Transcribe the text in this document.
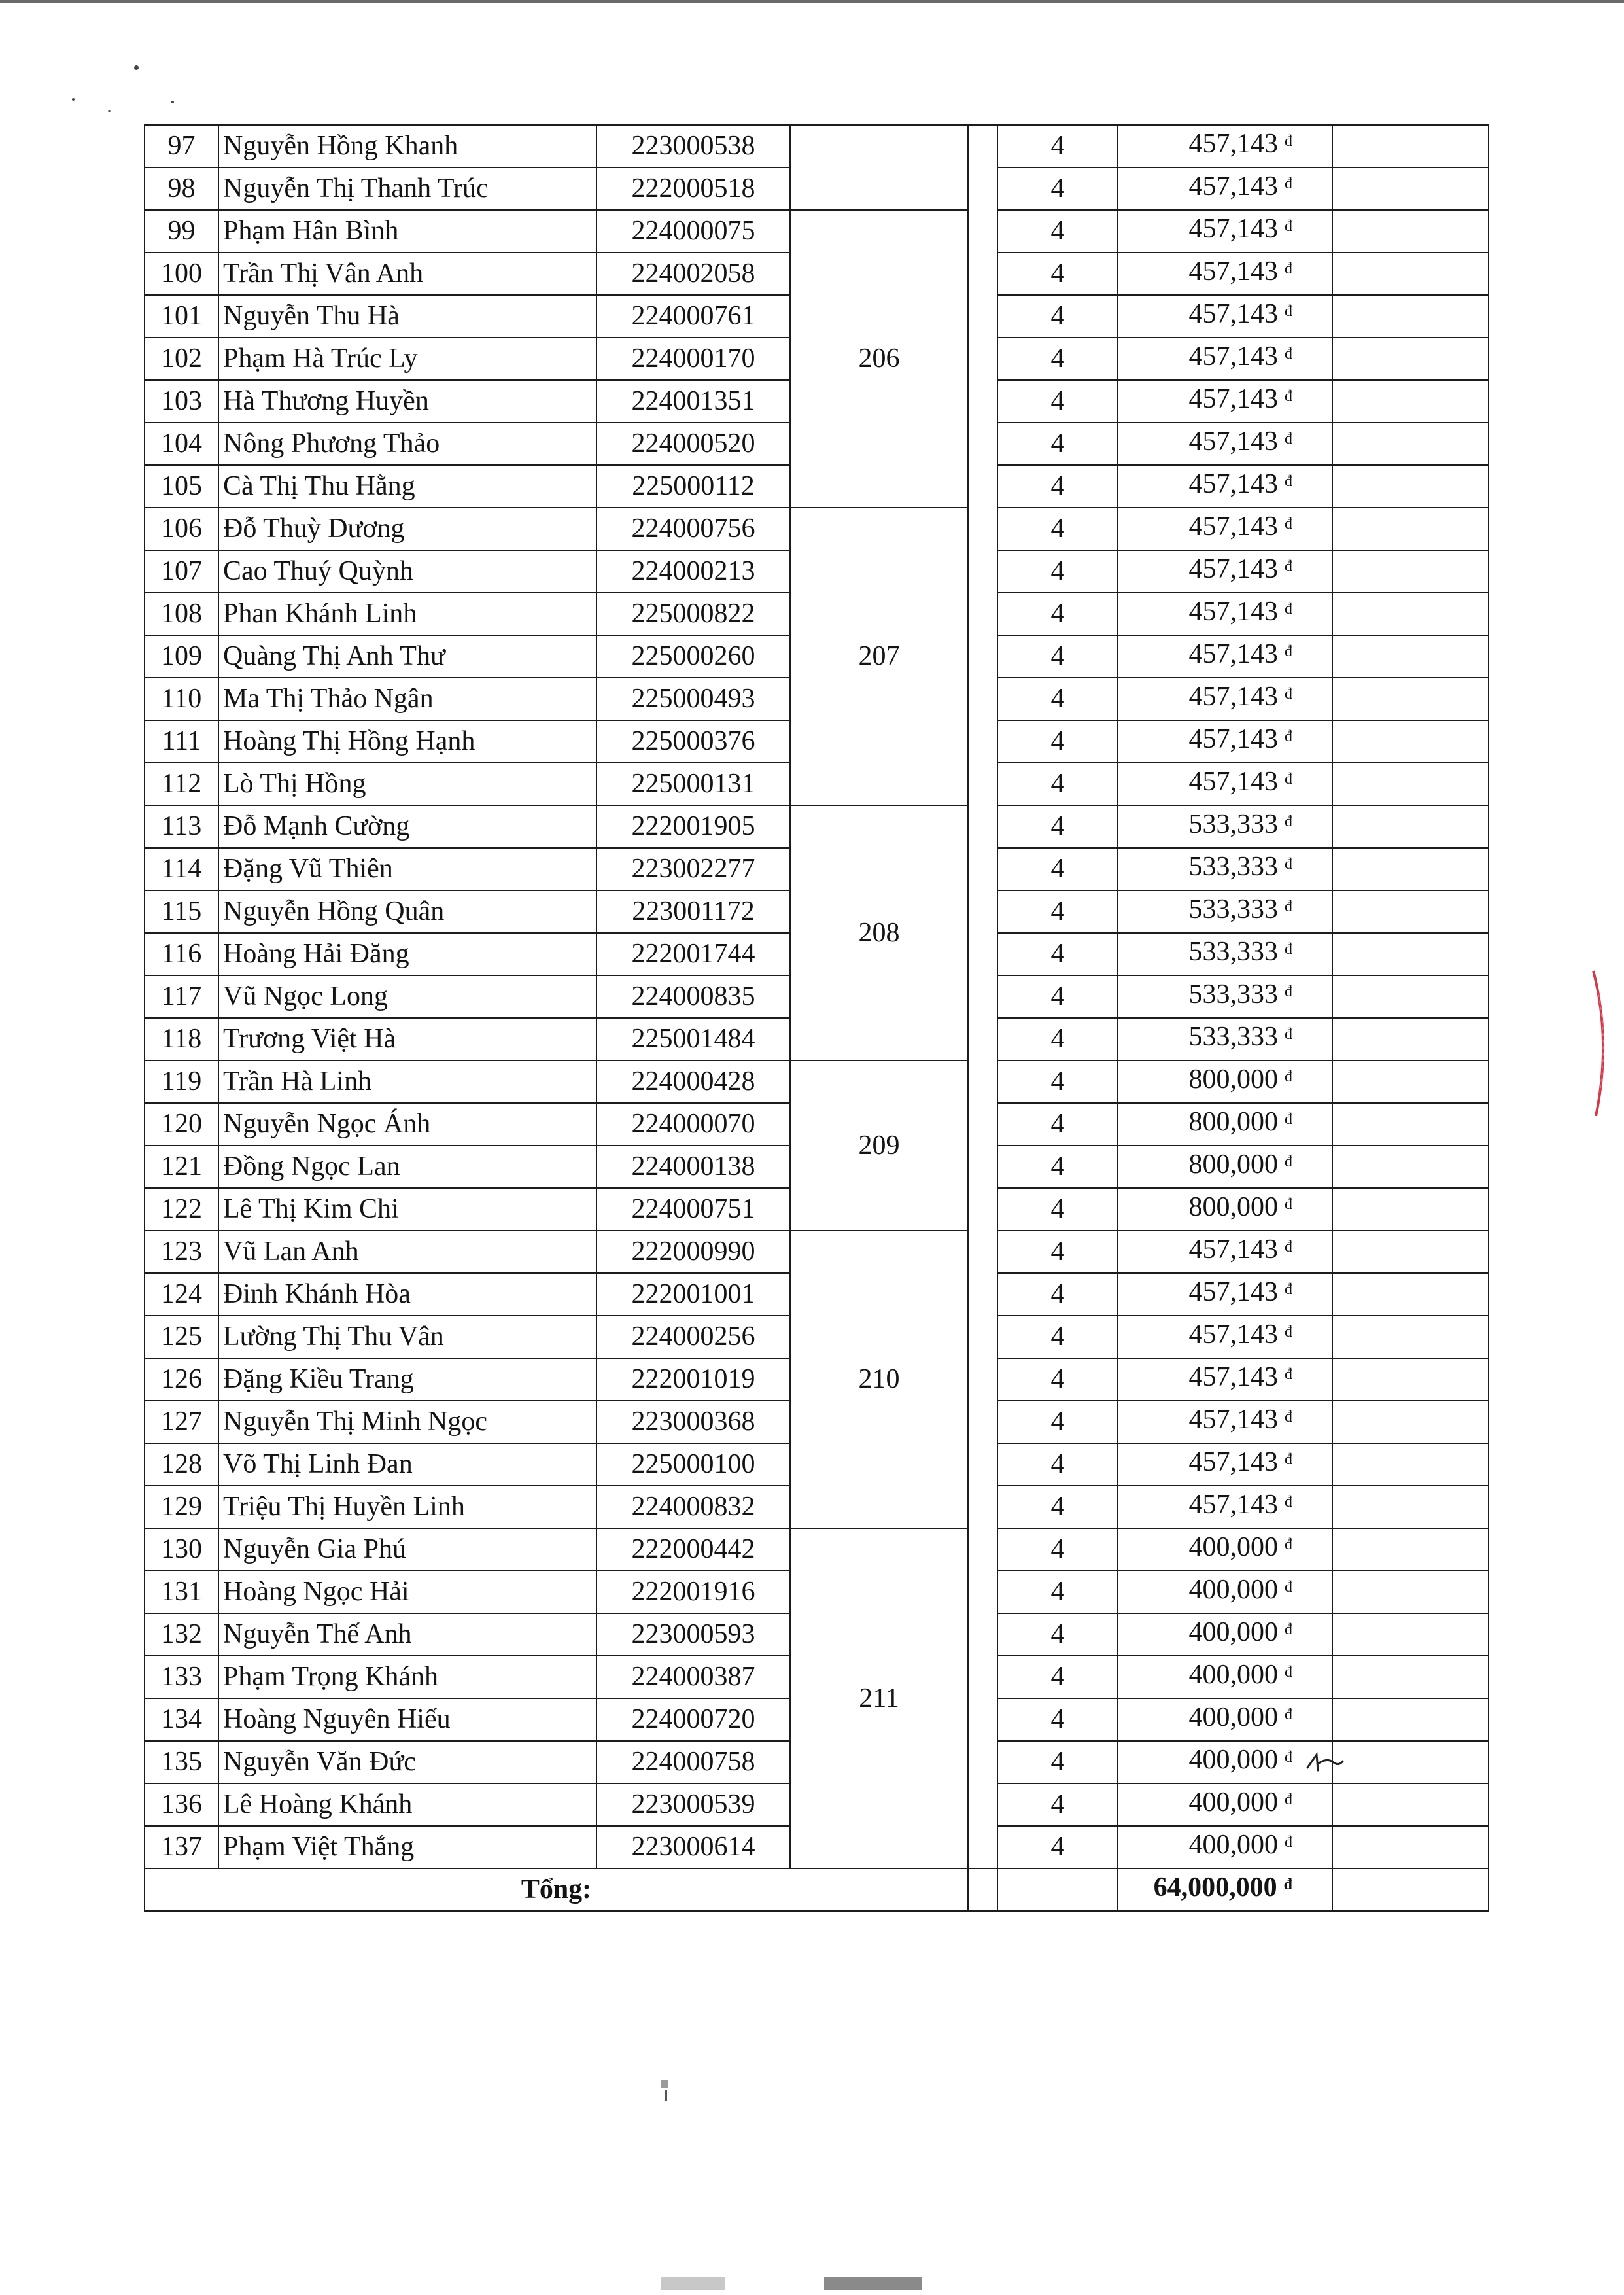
97	Nguyễn Hồng Khanh	223000538			4	457,143 $^đ$	
98	Nguyễn Thị Thanh Trúc	222000518			4	457,143 $^đ$	
99	Phạm Hân Bình	224000075	206		4	457,143 $^đ$	
100	Trần Thị Vân Anh	224002058			4	457,143 $^đ$	
101	Nguyễn Thu Hà	224000761			4	457,143 $^đ$	
102	Phạm Hà Trúc Ly	224000170			4	457,143 $^đ$	
103	Hà Thương Huyền	224001351			4	457,143 $^đ$	
104	Nông Phương Thảo	224000520			4	457,143 $^đ$	
105	Cà Thị Thu Hằng	225000112			4	457,143 $^đ$	
106	Đỗ Thuỳ Dương	224000756	207		4	457,143 $^đ$	
107	Cao Thuý Quỳnh	224000213			4	457,143 $^đ$	
108	Phan Khánh Linh	225000822			4	457,143 $^đ$	
109	Quàng Thị Anh Thư	225000260			4	457,143 $^đ$	
110	Ma Thị Thảo Ngân	225000493			4	457,143 $^đ$	
111	Hoàng Thị Hồng Hạnh	225000376			4	457,143 $^đ$	
112	Lò Thị Hồng	225000131			4	457,143 $^đ$	
113	Đỗ Mạnh Cường	222001905	208		4	533,333 $^đ$	
114	Đặng Vũ Thiên	223002277			4	533,333 $^đ$	
115	Nguyễn Hồng Quân	223001172			4	533,333 $^đ$	
116	Hoàng Hải Đăng	222001744			4	533,333 $^đ$	
117	Vũ Ngọc Long	224000835			4	533,333 $^đ$	
118	Trương Việt Hà	225001484			4	533,333 $^đ$	
119	Trần Hà Linh	224000428	209		4	800,000 $^đ$	
120	Nguyễn Ngọc Ánh	224000070			4	800,000 $^đ$	
121	Đồng Ngọc Lan	224000138			4	800,000 $^đ$	
122	Lê Thị Kim Chi	224000751			4	800,000 $^đ$	
123	Vũ Lan Anh	222000990	210		4	457,143 $^đ$	
124	Đinh Khánh Hòa	222001001			4	457,143 $^đ$	
125	Lường Thị Thu Vân	224000256			4	457,143 $^đ$	
126	Đặng Kiều Trang	222001019			4	457,143 $^đ$	
127	Nguyễn Thị Minh Ngọc	223000368			4	457,143 $^đ$	
128	Võ Thị Linh Đan	225000100			4	457,143 $^đ$	
129	Triệu Thị Huyền Linh	224000832			4	457,143 $^đ$	
130	Nguyễn Gia Phú	222000442	211		4	400,000 $^đ$	
131	Hoàng Ngọc Hải	222001916			4	400,000 $^đ$	
132	Nguyễn Thế Anh	223000593			4	400,000 $^đ$	
133	Phạm Trọng Khánh	224000387			4	400,000 $^đ$	
134	Hoàng Nguyên Hiếu	224000720			4	400,000 $^đ$	
135	Nguyễn Văn Đức	224000758			4	400,000 $^đ$	
136	Lê Hoàng Khánh	223000539			4	400,000 $^đ$	
137	Phạm Việt Thắng	223000614			4	400,000 $^đ$	
Tổng:						64,000,000 $^đ$	
